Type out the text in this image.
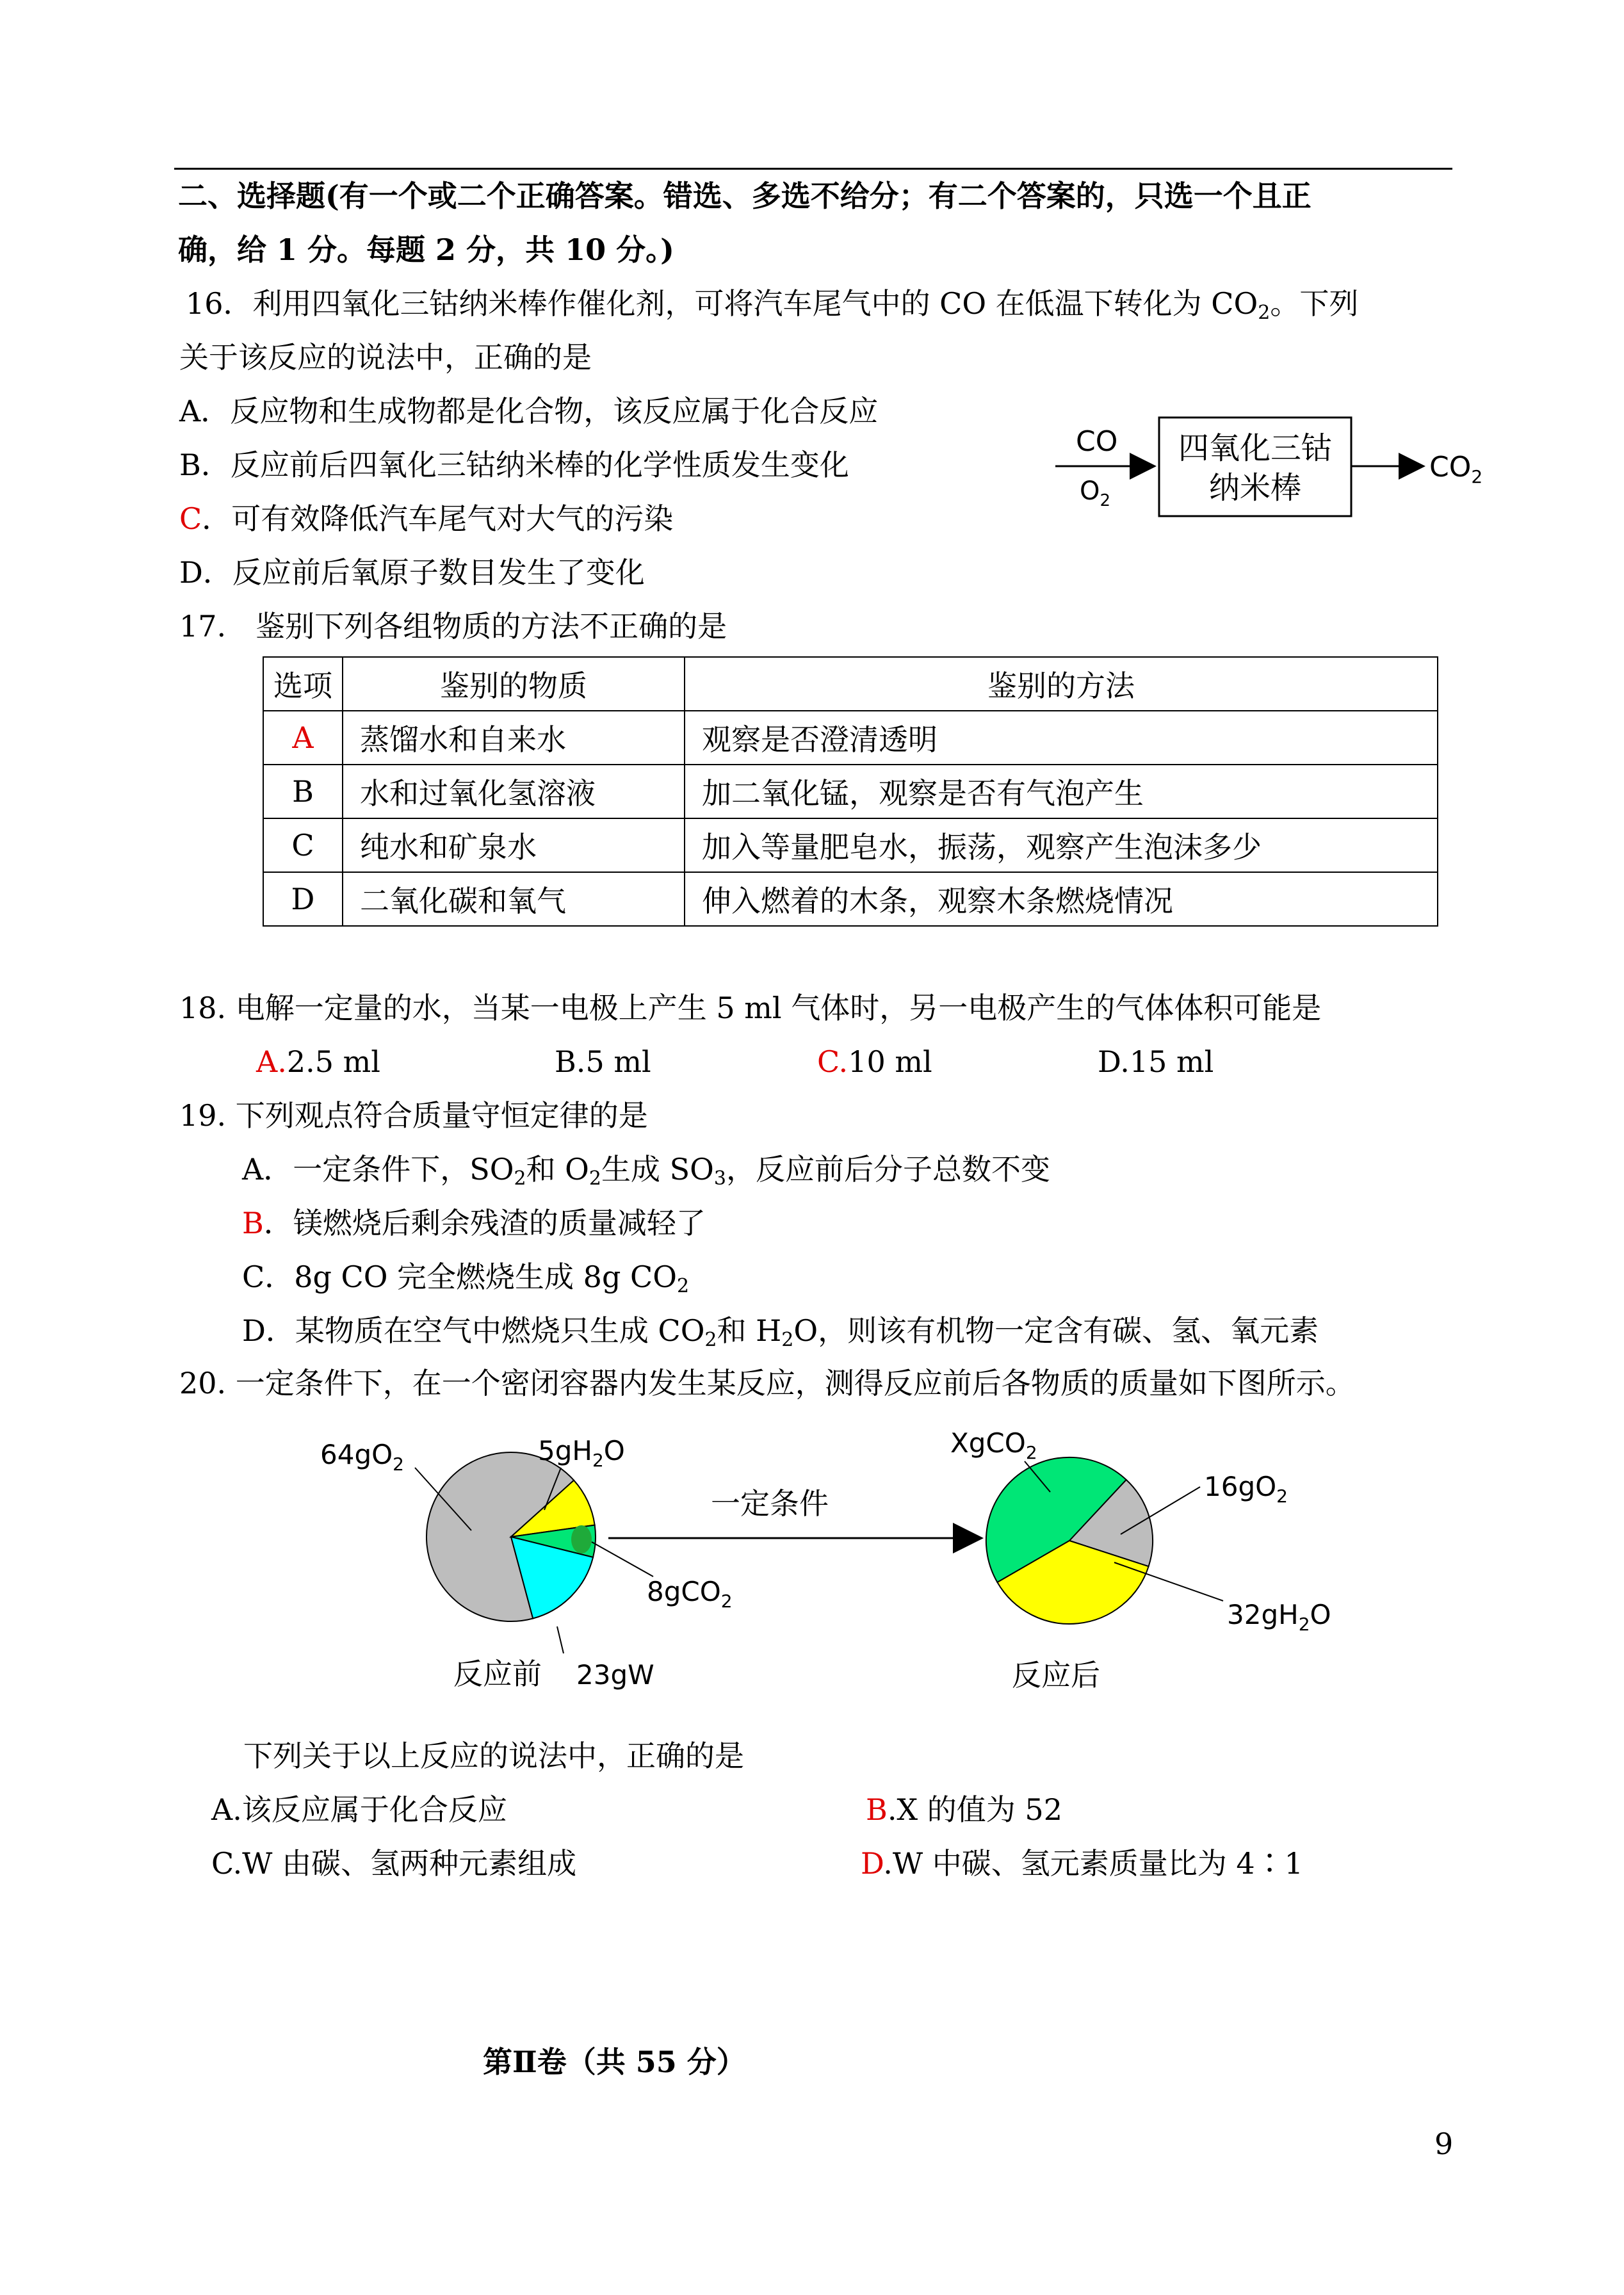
二、选择题(有一个或二个正确答案。错选、多选不给分；有二个答案的，只选一个且正
确，给 1 分。每题 2 分，共 10 分。)
16．利用四氧化三钴纳米棒作催化剂，可将汽车尾气中的 CO 在低温下转化为 $CO_2$。下列
关于该反应的说法中，正确的是
A．反应物和生成物都是化合物，该反应属于化合反应
B．反应前后四氧化三钴纳米棒的化学性质发生变化
C．可有效降低汽车尾气对大气的污染
D．反应前后氧原子数目发生了变化
CO
$O_2$
四氧化三钴
纳米棒
$CO_2$
17.　鉴别下列各组物质的方法不正确的是
选项	鉴别的物质	鉴别的方法
A	蒸馏水和自来水	观察是否澄清透明
B	水和过氧化氢溶液	加二氧化锰，观察是否有气泡产生
C	纯水和矿泉水	加入等量肥皂水，振荡，观察产生泡沫多少
D	二氧化碳和氧气	伸入燃着的木条，观察木条燃烧情况
18. 电解一定量的水，当某一电极上产生 5 ml 气体时，另一电极产生的气体体积可能是
A.2.5 ml	B.5 ml	C.10 ml	D.15 ml
19. 下列观点符合质量守恒定律的是
A．一定条件下，$SO_2$和 $O_2$生成 $SO_3$，反应前后分子总数不变
B．镁燃烧后剩余残渣的质量减轻了
C．8g CO 完全燃烧生成 8g $CO_2$
D．某物质在空气中燃烧只生成 $CO_2$和 $H_2O$，则该有机物一定含有碳、氢、氧元素
20. 一定条件下，在一个密闭容器内发生某反应，测得反应前后各物质的质量如下图所示。
$64gO_2$	$5gH_2O$
8gCO$_2$
反应前 23gW
一定条件
XgCO$_2$
$16gO_2$
$32gH_2O$
反应后
下列关于以上反应的说法中，正确的是
A.该反应属于化合反应	B.X 的值为 52
C.W 由碳、氢两种元素组成	D.W 中碳、氢元素质量比为 4∶1
第Ⅱ卷（共 55 分）
9
